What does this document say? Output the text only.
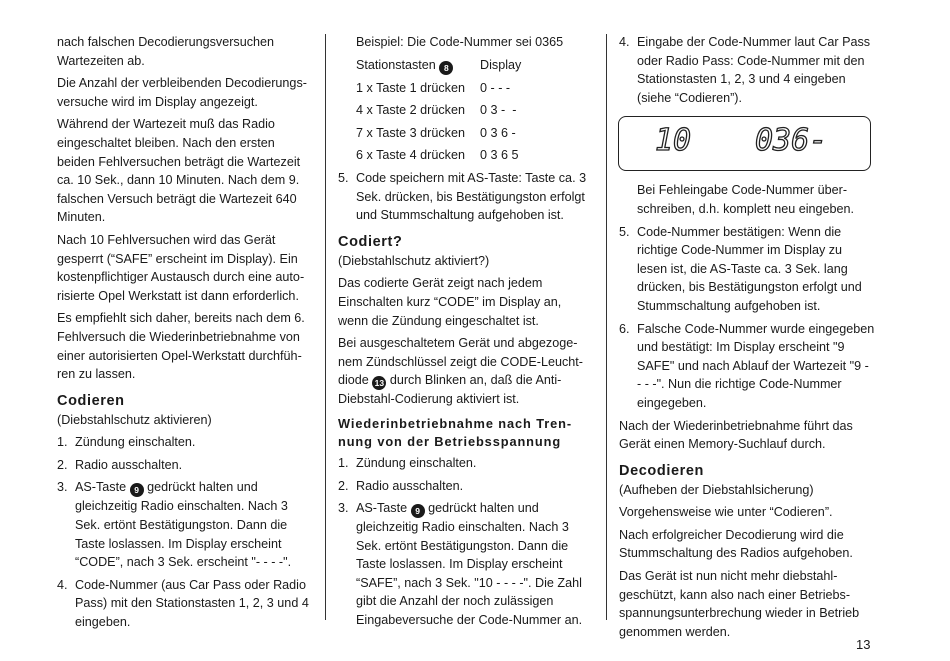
nach falschen Decodierungsversuchen Wartezeiten ab.

Die Anzahl der verbleibenden Decodierungsversuche wird im Display angezeigt.

Während der Wartezeit muß das Radio eingeschaltet bleiben. Nach den ersten beiden Fehlversuchen beträgt die Wartezeit ca. 10 Sek., dann 10 Minuten. Nach dem 9. falschen Versuch beträgt die Wartezeit 640 Minuten.

Nach 10 Fehlversuchen wird das Gerät gesperrt (“SAFE” erscheint im Display). Ein kostenpflichtiger Austausch durch eine autorisierte Opel Werkstatt ist dann erforderlich.

Es empfiehlt sich daher, bereits nach dem 6. Fehlversuch die Wiederinbetriebnahme von einer autorisierten Opel-Werkstatt durchführen zu lassen.

Codieren

(Diebstahlschutz aktivieren)

1. Zündung einschalten.
2. Radio ausschalten.
3. AS-Taste 9 gedrückt halten und gleichzeitig Radio einschalten. Nach 3 Sek. ertönt Bestätigungston. Dann die Taste loslassen. Im Display erscheint “CODE”, nach 3 Sek. erscheint "- - - -".
4. Code-Nummer (aus Car Pass oder Radio Pass) mit den Stationstasten 1, 2, 3 und 4 eingeben.
Beispiel: Die Code-Nummer sei 0365
Stationstasten 8	Display
1 x Taste 1 drücken	0 - - -
4 x Taste 2 drücken	0 3 -  -
7 x Taste 3 drücken	0 3 6 -
6 x Taste 4 drücken	0 3 6 5
5. Code speichern mit AS-Taste: Taste ca. 3 Sek. drücken, bis Bestätigungston erfolgt und Stummschaltung aufgehoben ist.
Codiert?

(Diebstahlschutz aktiviert?)

Das codierte Gerät zeigt nach jedem Einschalten kurz “CODE” im Display an, wenn die Zündung eingeschaltet ist.

Bei ausgeschaltetem Gerät und abgezogenem Zündschlüssel zeigt die CODE-Leuchtdiode 13 durch Blinken an, daß die Anti-Diebstahl-Codierung aktiviert ist.

Wiederinbetriebnahme nach Trennung von der Betriebsspannung
1. Zündung einschalten.
2. Radio ausschalten.
3. AS-Taste 9 gedrückt halten und gleichzeitig Radio einschalten. Nach 3 Sek. ertönt Bestätigungston. Dann die Taste loslassen. Im Display erscheint “SAFE”, nach 3 Sek. "10 - - - -". Die Zahl gibt die Anzahl der noch zulässigen Eingabeversuche der Code-Nummer an.
4. Eingabe der Code-Nummer laut Car Pass oder Radio Pass: Code-Nummer mit den Stationstasten 1, 2, 3 und 4 eingeben (siehe “Codieren”).
10 036-

Bei Fehleingabe Code-Nummer überschreiben, d.h. komplett neu eingeben.

5. Code-Nummer bestätigen: Wenn die richtige Code-Nummer im Display zu lesen ist, die AS-Taste ca. 3 Sek. lang drücken, bis Bestätigungston erfolgt und Stummschaltung aufgehoben ist.
6. Falsche Code-Nummer wurde eingegeben und bestätigt: Im Display erscheint "9 SAFE" und nach Ablauf der Wartezeit "9 - - - -". Nun die richtige Code-Nummer eingegeben.

Nach der Wiederinbetriebnahme führt das Gerät einen Memory-Suchlauf durch.

Decodieren

(Aufheben der Diebstahlsicherung)

Vorgehensweise wie unter “Codieren”.

Nach erfolgreicher Decodierung wird die Stummschaltung des Radios aufgehoben.

Das Gerät ist nun nicht mehr diebstahlgeschützt, kann also nach einer Betriebsspannungsunterbrechung wieder in Betrieb genommen werden.

13
